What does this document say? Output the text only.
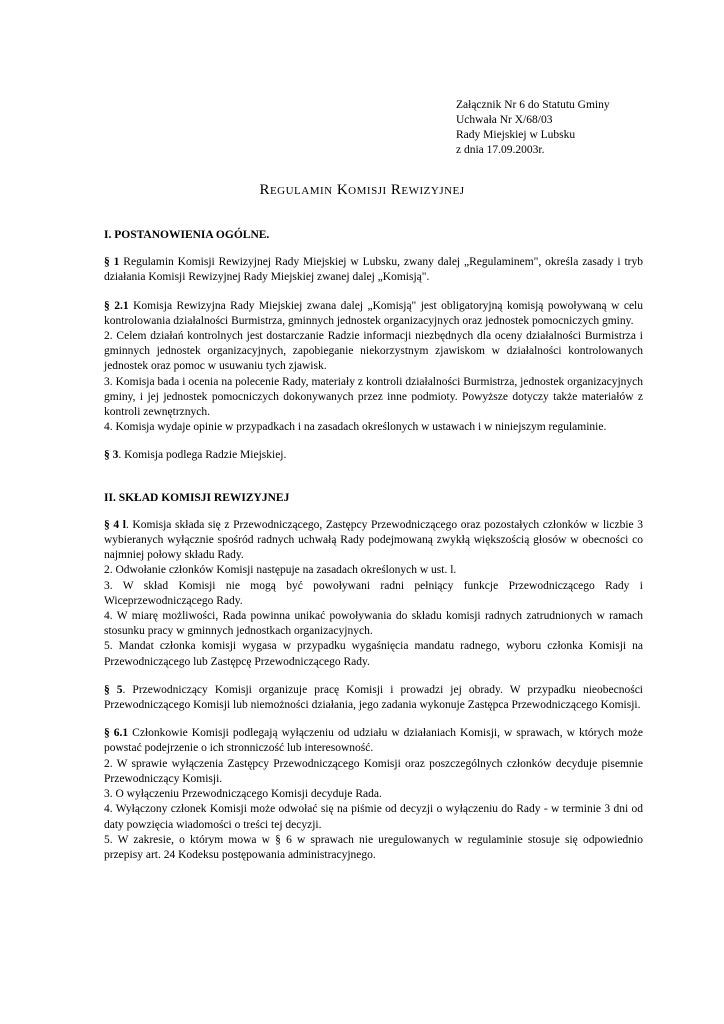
Załącznik Nr 6 do Statutu Gminy
Uchwała Nr X/68/03
Rady Miejskiej w Lubsku
z dnia 17.09.2003r.
Regulamin Komisji Rewizyjnej

I. POSTANOWIENIA OGÓLNE.

§ 1 Regulamin Komisji Rewizyjnej Rady Miejskiej w Lubsku, zwany dalej „Regulaminem", określa zasady i tryb działania Komisji Rewizyjnej Rady Miejskiej zwanej dalej „Komisją".

§ 2.1 Komisja Rewizyjna Rady Miejskiej zwana dalej „Komisją" jest obligatoryjną komisją powoływaną w celu kontrolowania działalności Burmistrza, gminnych jednostek organizacyjnych oraz jednostek pomocniczych gminy.

2. Celem działań kontrolnych jest dostarczanie Radzie informacji niezbędnych dla oceny działalności Burmistrza i gminnych jednostek organizacyjnych, zapobieganie niekorzystnym zjawiskom w działalności kontrolowanych jednostek oraz pomoc w usuwaniu tych zjawisk.

3. Komisja bada i ocenia na polecenie Rady, materiały z kontroli działalności Burmistrza, jednostek organizacyjnych gminy, i jej jednostek pomocniczych dokonywanych przez inne podmioty. Powyższe dotyczy także materiałów z kontroli zewnętrznych.

4. Komisja wydaje opinie w przypadkach i na zasadach określonych w ustawach i w niniejszym regulaminie.

§ 3. Komisja podlega Radzie Miejskiej.

II. SKŁAD KOMISJI REWIZYJNEJ

§ 4 l. Komisja składa się z Przewodniczącego, Zastępcy Przewodniczącego oraz pozostałych członków w liczbie 3 wybieranych wyłącznie spośród radnych uchwałą Rady podejmowaną zwykłą większością głosów w obecności co najmniej połowy składu Rady.

2. Odwołanie członków Komisji następuje na zasadach określonych w ust. l.

3. W skład Komisji nie mogą być powoływani radni pełniący funkcje Przewodniczącego Rady i Wiceprzewodniczącego Rady.

4. W miarę możliwości, Rada powinna unikać powoływania do składu komisji radnych zatrudnionych w ramach stosunku pracy w gminnych jednostkach organizacyjnych.

5. Mandat członka komisji wygasa w przypadku wygaśnięcia mandatu radnego, wyboru członka Komisji na Przewodniczącego lub Zastępcę Przewodniczącego Rady.

§ 5. Przewodniczący Komisji organizuje pracę Komisji i prowadzi jej obrady. W przypadku nieobecności Przewodniczącego Komisji lub niemożności działania, jego zadania wykonuje Zastępca Przewodniczącego Komisji.

§ 6.1 Członkowie Komisji podlegają wyłączeniu od udziału w działaniach Komisji, w sprawach, w których może powstać podejrzenie o ich stronniczość lub interesowność.

2. W sprawie wyłączenia Zastępcy Przewodniczącego Komisji oraz poszczególnych członków decyduje pisemnie Przewodniczący Komisji.

3. O wyłączeniu Przewodniczącego Komisji decyduje Rada.

4. Wyłączony członek Komisji może odwołać się na piśmie od decyzji o wyłączeniu do Rady - w terminie 3 dni od daty powzięcia wiadomości o treści tej decyzji.

5. W zakresie, o którym mowa w § 6 w sprawach nie uregulowanych w regulaminie stosuje się odpowiednio przepisy art. 24 Kodeksu postępowania administracyjnego.
